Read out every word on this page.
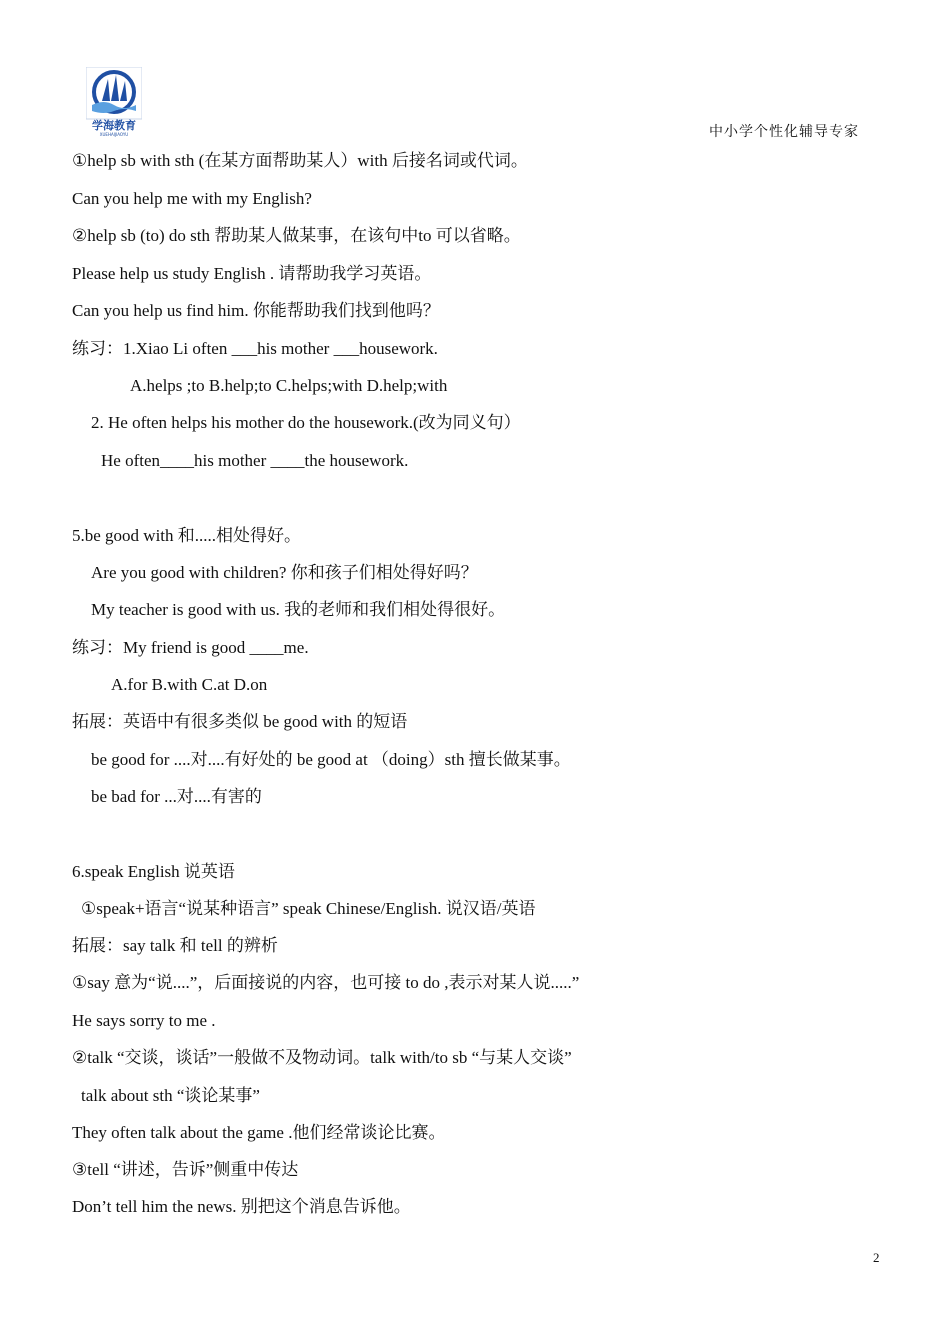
学海教育
XUEHAIJIAOYU	中小学个性化辅导专家
①help sb with sth (在某方面帮助某人）with 后接名词或代词。
Can you help me with my English?
②help sb (to) do sth 帮助某人做某事，在该句中to 可以省略。
Please help us study English . 请帮助我学习英语。
Can you help us find him. 你能帮助我们找到他吗？
练习：1.Xiao Li often ___his mother ___housework.
A.helps ;to B.help;to C.helps;with D.help;with
2. He often helps his mother do the housework.(改为同义句）
He often____his mother ____the housework.
5.be good with 和.....相处得好。
Are you good with children? 你和孩子们相处得好吗？
My teacher is good with us. 我的老师和我们相处得很好。
练习：My friend is good ____me.
A.for B.with C.at D.on
拓展：英语中有很多类似 be good with 的短语
be good for ....对....有好处的 be good at （doing）sth 擅长做某事。
be bad for ...对....有害的
6.speak English 说英语
①speak+语言“说某种语言” speak Chinese/English. 说汉语/英语
拓展：say talk 和 tell 的辨析
①say 意为“说....”，后面接说的内容，也可接 to do ,表示对某人说.....”
He says sorry to me .
②talk “交谈，谈话”一般做不及物动词。talk with/to sb “与某人交谈”
talk about sth “谈论某事”
They often talk about the game .他们经常谈论比赛。
③tell “讲述，告诉”侧重中传达
Don’t tell him the news. 别把这个消息告诉他。
2
